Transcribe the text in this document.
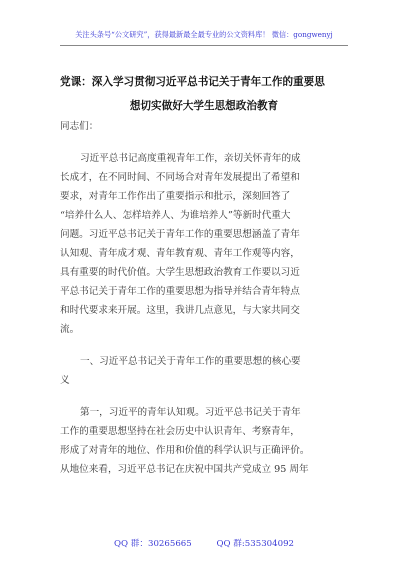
关注头条号“公文研究”，获得最新最全最专业的公文资料库！ 微信：gongwenyj
党课：深入学习贯彻习近平总书记关于青年工作的重要思
想切实做好大学生思想政治教育
同志们：
习近平总书记高度重视青年工作，亲切关怀青年的成
长成才，在不同时间、不同场合对青年发展提出了希望和
要求，对青年工作作出了重要指示和批示，深刻回答了
“培养什么人、怎样培养人、为谁培养人”等新时代重大
问题。习近平总书记关于青年工作的重要思想涵盖了青年
认知观、青年成才观、青年教育观、青年工作观等内容，
具有重要的时代价值。大学生思想政治教育工作要以习近
平总书记关于青年工作的重要思想为指导并结合青年特点
和时代要求来开展。这里，我讲几点意见，与大家共同交
流。
一、习近平总书记关于青年工作的重要思想的核心要
义
第一，习近平的青年认知观。习近平总书记关于青年
工作的重要思想坚持在社会历史中认识青年、考察青年，
形成了对青年的地位、作用和价值的科学认识与正确评价。
从地位来看，习近平总书记在庆祝中国共产党成立 95 周年
QQ 群：30265665	QQ 群:535304092
